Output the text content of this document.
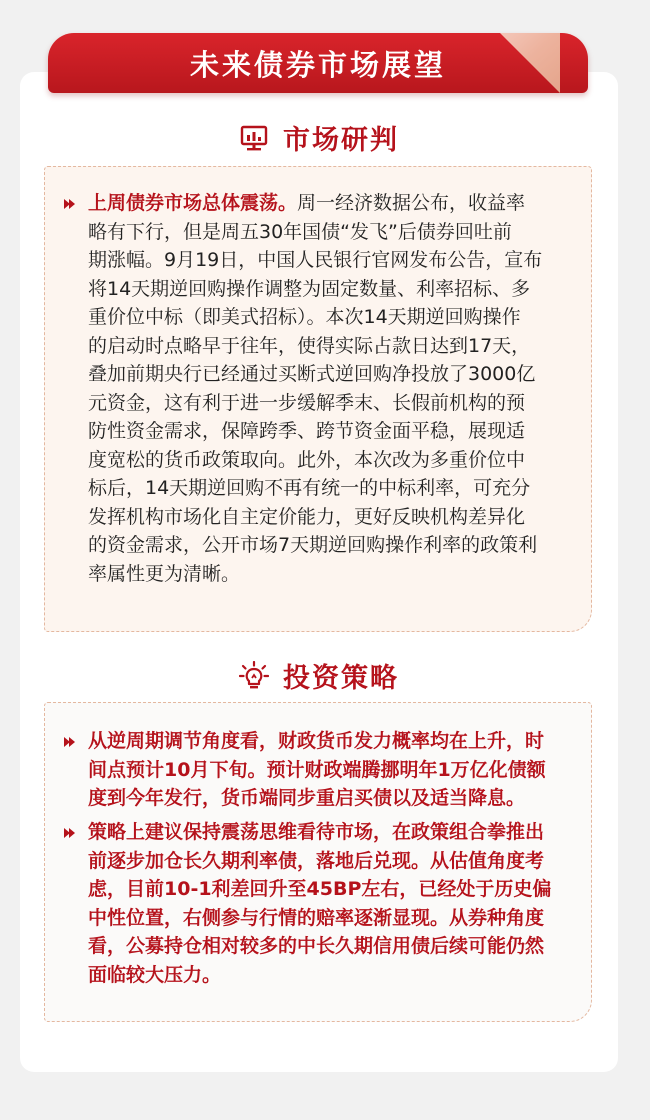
未来债券市场展望
市场研判
上周债券市场总体震荡。周一经济数据公布，收益率
略有下行，但是周五30年国债“发飞”后债券回吐前
期涨幅。9月19日，中国人民银行官网发布公告，宣布
将14天期逆回购操作调整为固定数量、利率招标、多
重价位中标（即美式招标）。本次14天期逆回购操作
的启动时点略早于往年，使得实际占款日达到17天，
叠加前期央行已经通过买断式逆回购净投放了3000亿
元资金，这有利于进一步缓解季末、长假前机构的预
防性资金需求，保障跨季、跨节资金面平稳，展现适
度宽松的货币政策取向。此外，本次改为多重价位中
标后，14天期逆回购不再有统一的中标利率，可充分
发挥机构市场化自主定价能力，更好反映机构差异化
的资金需求，公开市场7天期逆回购操作利率的政策利
率属性更为清晰。
投资策略
从逆周期调节角度看，财政货币发力概率均在上升，时
间点预计10月下旬。预计财政端腾挪明年1万亿化债额
度到今年发行，货币端同步重启买债以及适当降息。
策略上建议保持震荡思维看待市场，在政策组合拳推出
前逐步加仓长久期利率债，落地后兑现。从估值角度考
虑，目前10-1利差回升至45BP左右，已经处于历史偏
中性位置，右侧参与行情的赔率逐渐显现。从券种角度
看，公募持仓相对较多的中长久期信用债后续可能仍然
面临较大压力。
